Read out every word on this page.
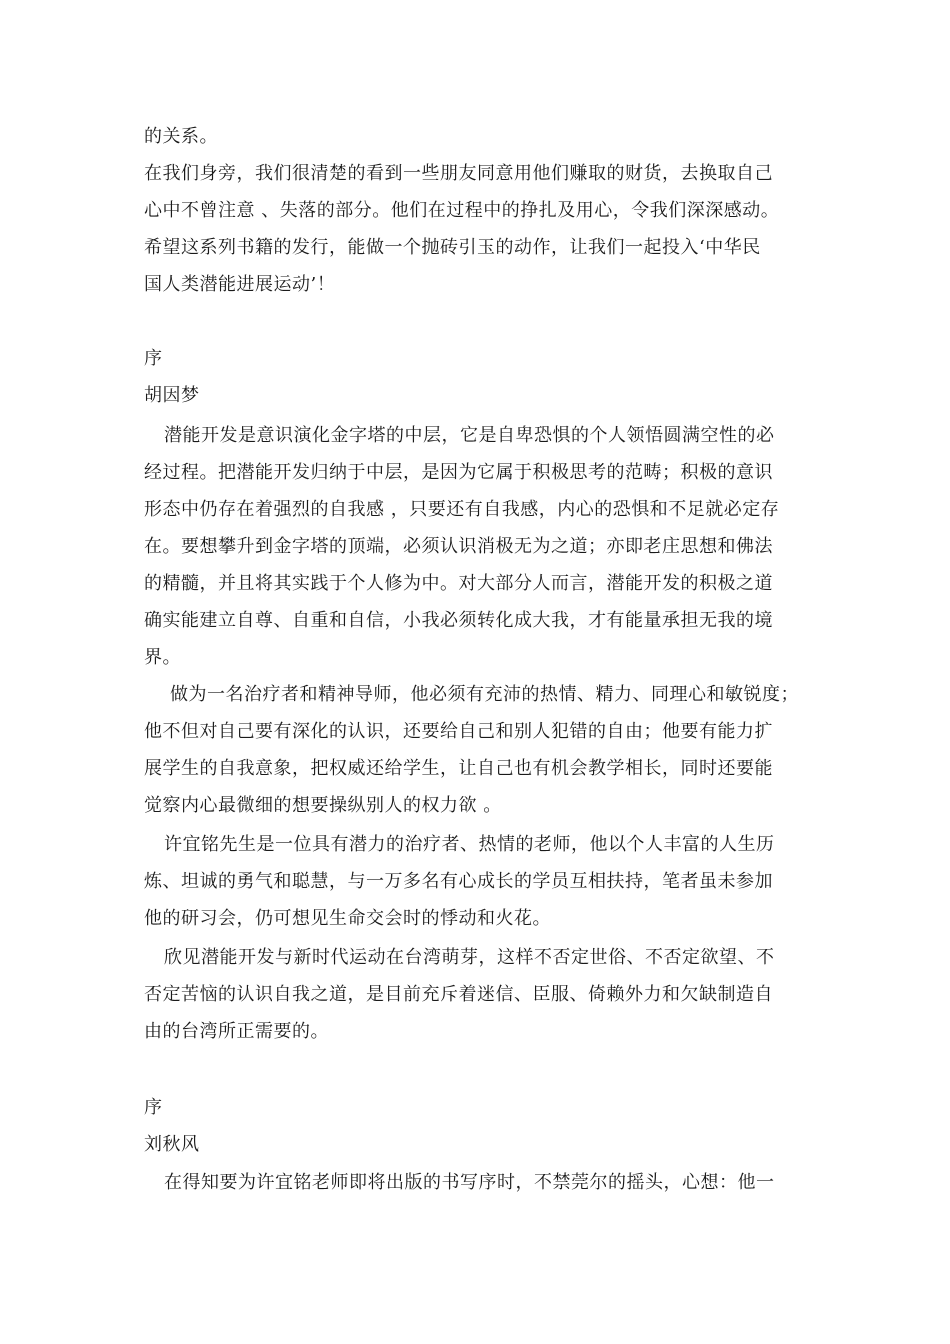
的关系。
在我们身旁，我们很清楚的看到一些朋友同意用他们赚取的财货，去换取自己
心中不曾注意 、失落的部分。他们在过程中的挣扎及用心，令我们深深感动。
希望这系列书籍的发行，能做一个抛砖引玉的动作，让我们一起投入‘中华民
国人类潜能进展运动’！
序
胡因梦
潜能开发是意识演化金字塔的中层，它是自卑恐惧的个人领悟圆满空性的必
经过程。把潜能开发归纳于中层，是因为它属于积极思考的范畴；积极的意识
形态中仍存在着强烈的自我感 ，只要还有自我感，内心的恐惧和不足就必定存
在。要想攀升到金字塔的顶端，必须认识消极无为之道；亦即老庄思想和佛法
的精髓，并且将其实践于个人修为中。对大部分人而言，潜能开发的积极之道
确实能建立自尊、自重和自信，小我必须转化成大我，才有能量承担无我的境
界。
做为一名治疗者和精神导师，他必须有充沛的热情、精力、同理心和敏锐度；
他不但对自己要有深化的认识，还要给自己和别人犯错的自由；他要有能力扩
展学生的自我意象，把权威还给学生，让自己也有机会教学相长，同时还要能
觉察内心最微细的想要操纵别人的权力欲 。
许宜铭先生是一位具有潜力的治疗者、热情的老师，他以个人丰富的人生历
炼、坦诚的勇气和聪慧，与一万多名有心成长的学员互相扶持，笔者虽未参加
他的研习会，仍可想见生命交会时的悸动和火花。
欣见潜能开发与新时代运动在台湾萌芽，这样不否定世俗、不否定欲望、不
否定苦恼的认识自我之道，是目前充斥着迷信、臣服、倚赖外力和欠缺制造自
由的台湾所正需要的。
序
刘秋风
在得知要为许宜铭老师即将出版的书写序时，不禁莞尔的摇头，心想：他一
